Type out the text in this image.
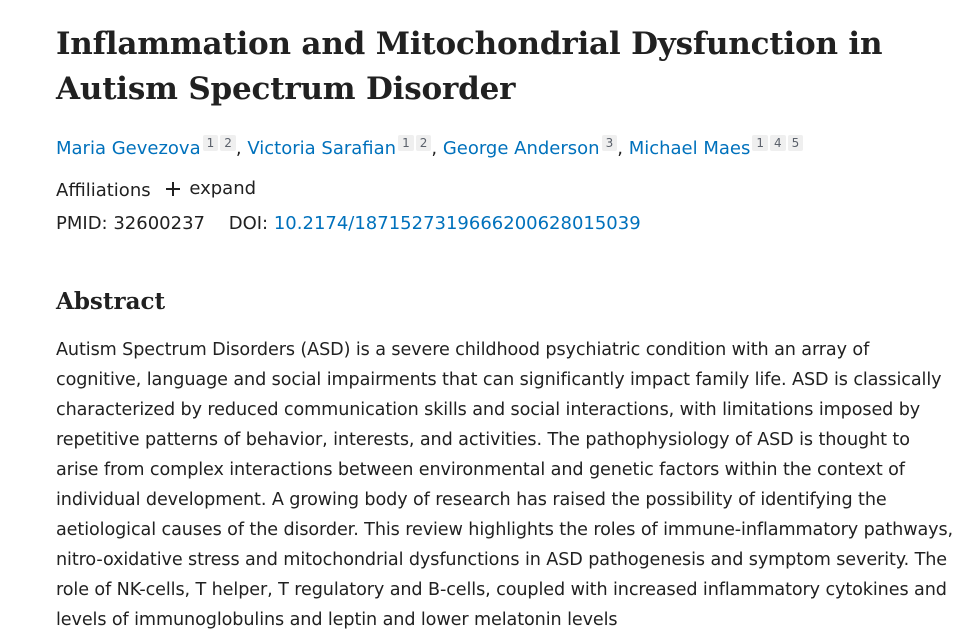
Inflammation and Mitochondrial Dysfunction in Autism Spectrum Disorder
Maria Gevezova 1 2 , Victoria Sarafian 1 2 , George Anderson 3 , Michael Maes 1 4 5
Affiliations expand
PMID: 32600237 DOI: 10.2174/1871527319666200628015039
Abstract

Autism Spectrum Disorders (ASD) is a severe childhood psychiatric condition with an array of cognitive, language and social impairments that can significantly impact family life. ASD is classically characterized by reduced communication skills and social interactions, with limitations imposed by repetitive patterns of behavior, interests, and activities. The pathophysiology of ASD is thought to arise from complex interactions between environmental and genetic factors within the context of individual development. A growing body of research has raised the possibility of identifying the aetiological causes of the disorder. This review highlights the roles of immune-inflammatory pathways, nitro-oxidative stress and mitochondrial dysfunctions in ASD pathogenesis and symptom severity. The role of NK-cells, T helper, T regulatory and B-cells, coupled with increased inflammatory cytokines and levels of immunoglobulins and leptin and lower melatonin levels
